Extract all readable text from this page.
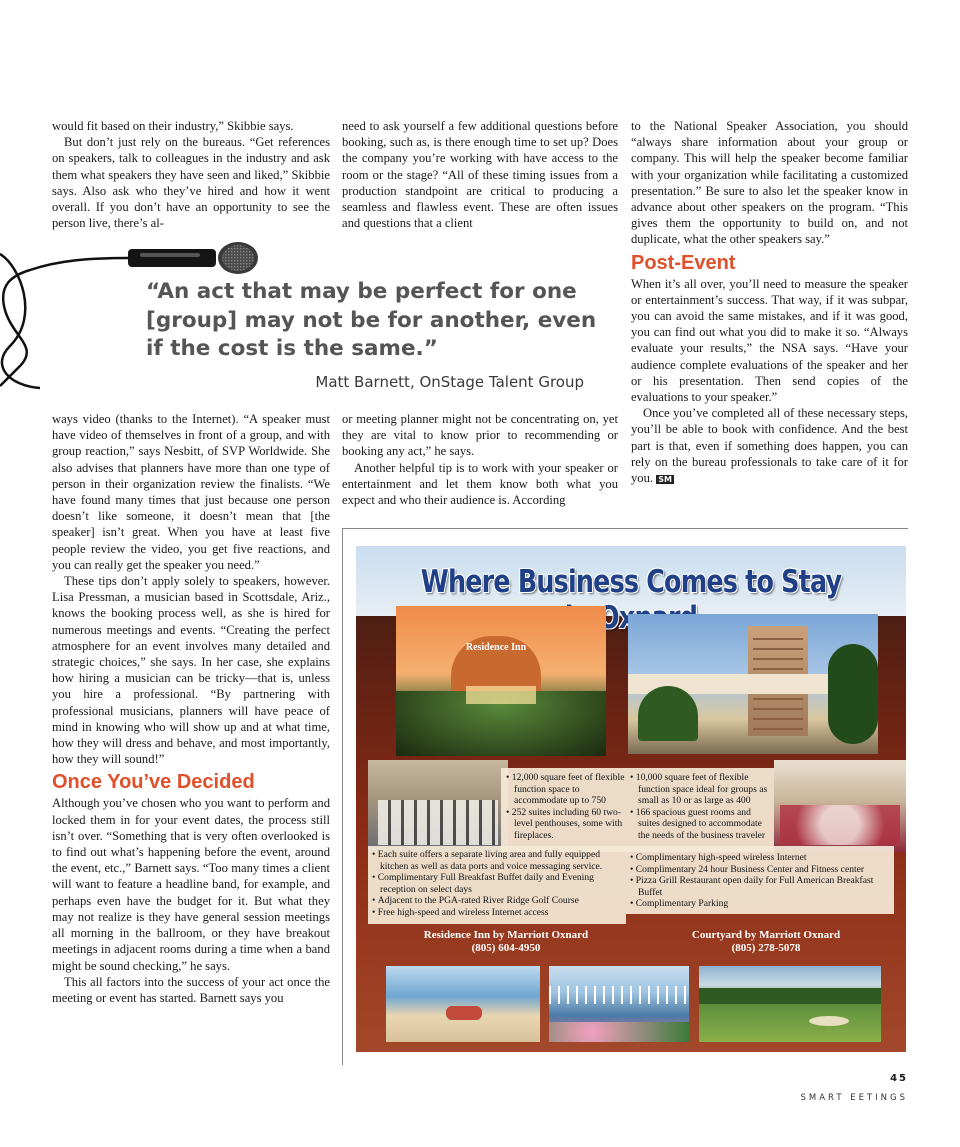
would fit based on their industry,” Skibbie says.

But don’t just rely on the bureaus. “Get references on speakers, talk to colleagues in the industry and ask them what speakers they have seen and liked,” Skibbie says. Also ask who they’ve hired and how it went overall. If you don’t have an opportunity to see the person live, there’s al-

need to ask yourself a few additional questions before booking, such as, is there enough time to set up? Does the company you’re working with have access to the room or the stage? “All of these timing issues from a production standpoint are critical to producing a seamless and flawless event. These are often issues and questions that a client

to the National Speaker Association, you should “always share information about your group or company. This will help the speaker become familiar with your organization while facilitating a customized presentation.” Be sure to also let the speaker know in advance about other speakers on the program. “This gives them the opportunity to build on, and not duplicate, what the other speakers say.”

Post-Event

When it’s all over, you’ll need to measure the speaker or entertainment’s success. That way, if it was subpar, you can avoid the same mistakes, and if it was good, you can find out what you did to make it so. “Always evaluate your results,” the NSA says. “Have your audience complete evaluations of the speaker and her or his presentation. Then send copies of the evaluations to your speaker.”

Once you’ve completed all of these necessary steps, you’ll be able to book with confidence. And the best part is that, even if something does happen, you can rely on the bureau professionals to take care of it for you. SM

“An act that may be perfect for one [group] may not be for another, even if the cost is the same.”
Matt Barnett, OnStage Talent Group

ways video (thanks to the Internet). “A speaker must have video of themselves in front of a group, and with group reaction,” says Nesbitt, of SVP Worldwide. She also advises that planners have more than one type of person in their organization review the finalists. “We have found many times that just because one person doesn’t like someone, it doesn’t mean that [the speaker] isn’t great. When you have at least five people review the video, you get five reactions, and you can really get the speaker you need.”

These tips don’t apply solely to speakers, however. Lisa Pressman, a musician based in Scottsdale, Ariz., knows the booking process well, as she is hired for numerous meetings and events. “Creating the perfect atmosphere for an event involves many detailed and strategic choices,” she says. In her case, she explains how hiring a musician can be tricky—that is, unless you hire a professional. “By partnering with professional musicians, planners will have peace of mind in knowing who will show up and at what time, how they will dress and behave, and most importantly, how they will sound!”

Once You’ve Decided

Although you’ve chosen who you want to perform and locked them in for your event dates, the process still isn’t over. “Something that is very often overlooked is to find out what’s happening before the event, around the event, etc.,” Barnett says. “Too many times a client will want to feature a headline band, for example, and perhaps even have the budget for it. But what they may not realize is they have general session meetings all morning in the ballroom, or they have breakout meetings in adjacent rooms during a time when a band might be sound checking,” he says.

This all factors into the success of your act once the meeting or event has started. Barnett says you

or meeting planner might not be concentrating on, yet they are vital to know prior to recommending or booking any act,” he says.

Another helpful tip is to work with your speaker or entertainment and let them know both what you expect and who their audience is. According

Where Business Comes to Stay
Residence Inn
• 12,000 square feet of flexible function space to accommodate up to 750
• 252 suites including 60 two-level penthouses, some with fireplaces.
• Each suite offers a separate living area and fully equipped kitchen as well as data ports and voice messaging service.
• Complimentary Full Breakfast Buffet daily and Evening reception on select days
• Adjacent to the PGA-rated River Ridge Golf Course
• Free high-speed and wireless Internet access
• 10,000 square feet of flexible function space ideal for groups as small as 10 or as large as 400
• 166 spacious guest rooms and suites designed to accommodate the needs of the business traveler
• Complimentary high-speed wireless Internet
• Complimentary 24 hour Business Center and Fitness center
• Pizza Grill Restaurant open daily for Full American Breakfast Buffet
• Complimentary Parking
Residence Inn by Marriott Oxnard
(805) 604-4950
Courtyard by Marriott Oxnard
(805) 278-5078
45
SMART EETINGS
